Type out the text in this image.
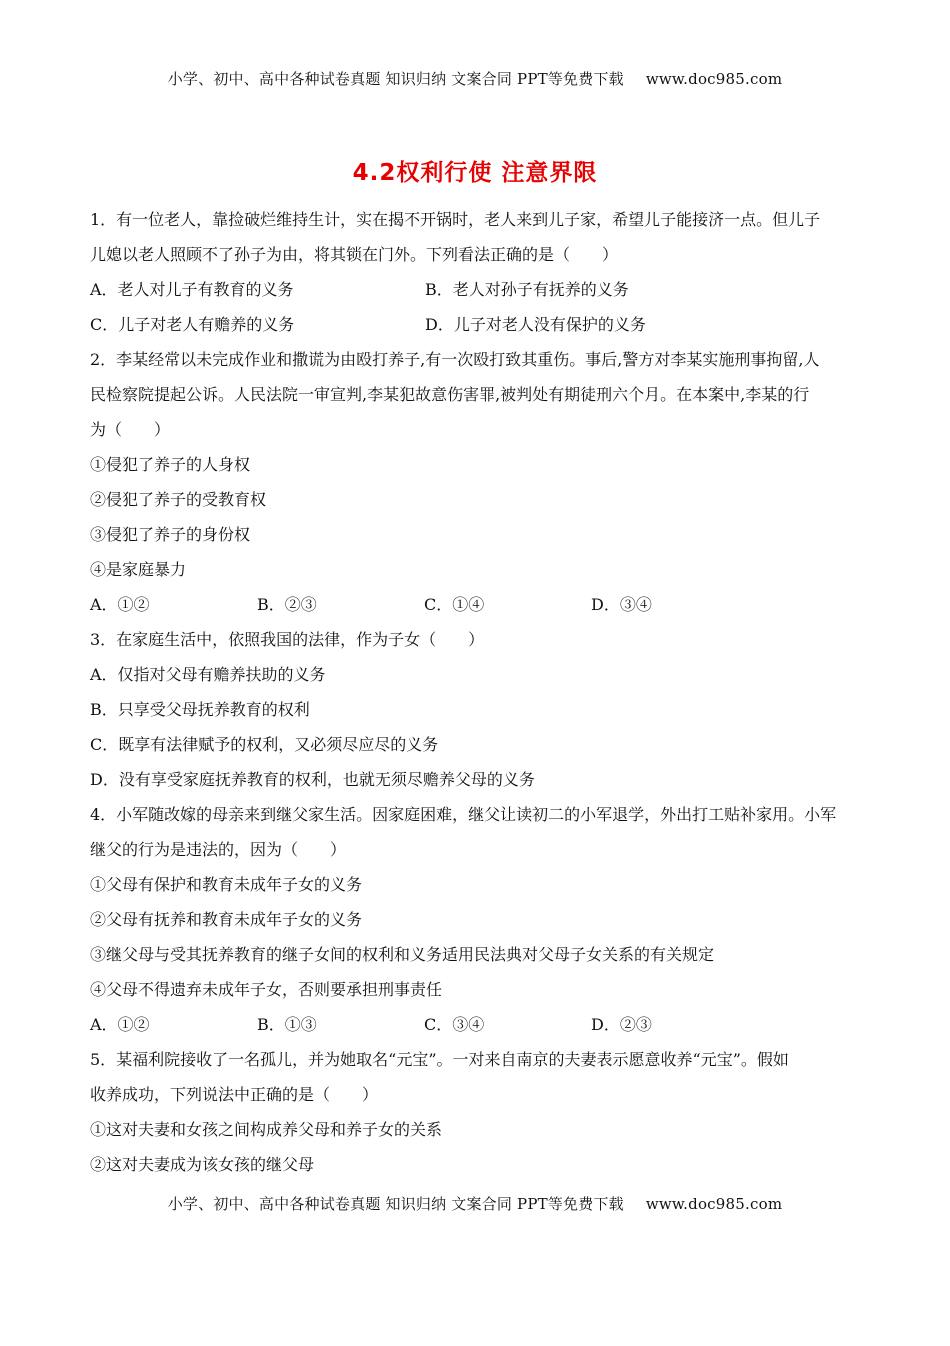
小学、初中、高中各种试卷真题 知识归纳 文案合同 PPT等免费下载 www.doc985.com
4.2权利行使 注意界限
1．有一位老人，靠捡破烂维持生计，实在揭不开锅时，老人来到儿子家，希望儿子能接济一点。但儿子
儿媳以老人照顾不了孙子为由，将其锁在门外。下列看法正确的是（　　）
A．老人对儿子有教育的义务	B．老人对孙子有抚养的义务
C．儿子对老人有赡养的义务	D．儿子对老人没有保护的义务
2．李某经常以未完成作业和撒谎为由殴打养子,有一次殴打致其重伤。事后,警方对李某实施刑事拘留,人
民检察院提起公诉。人民法院一审宣判,李某犯故意伤害罪,被判处有期徒刑六个月。在本案中,李某的行
为（　　）
①侵犯了养子的人身权
②侵犯了养子的受教育权
③侵犯了养子的身份权
④是家庭暴力
A．①②	B．②③	C．①④	D．③④
3．在家庭生活中，依照我国的法律，作为子女（　　）
A．仅指对父母有赡养扶助的义务
B．只享受父母抚养教育的权利
C．既享有法律赋予的权利，又必须尽应尽的义务
D．没有享受家庭抚养教育的权利，也就无须尽赡养父母的义务
4．小军随改嫁的母亲来到继父家生活。因家庭困难，继父让读初二的小军退学，外出打工贴补家用。小军
继父的行为是违法的，因为（　　）
①父母有保护和教育未成年子女的义务
②父母有抚养和教育未成年子女的义务
③继父母与受其抚养教育的继子女间的权利和义务适用民法典对父母子女关系的有关规定
④父母不得遗弃未成年子女，否则要承担刑事责任
A．①②	B．①③	C．③④	D．②③
5．某福利院接收了一名孤儿，并为她取名“元宝”。一对来自南京的夫妻表示愿意收养“元宝”。假如
收养成功，下列说法中正确的是（　　）
①这对夫妻和女孩之间构成养父母和养子女的关系
②这对夫妻成为该女孩的继父母
小学、初中、高中各种试卷真题 知识归纳 文案合同 PPT等免费下载 www.doc985.com
